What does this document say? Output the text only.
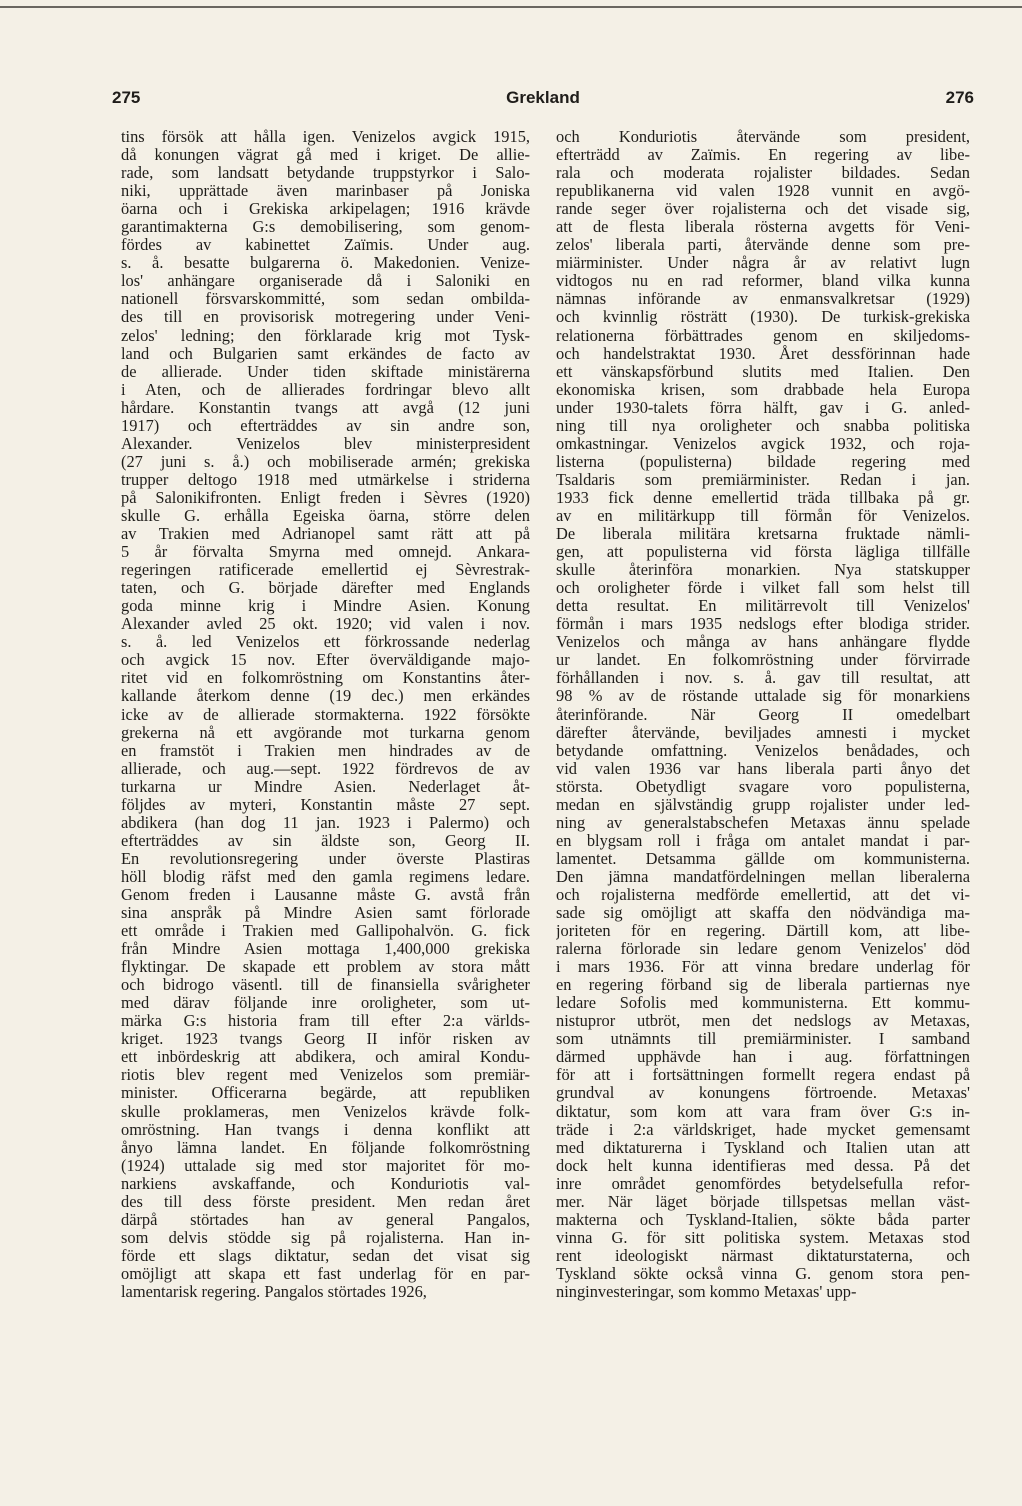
275	Grekland	276
tins försök att hålla igen. Venizelos avgick 1915,
då konungen vägrat gå med i kriget. De allie-
rade, som landsatt betydande truppstyrkor i Salo-
niki, upprättade även marinbaser på Joniska
öarna och i Grekiska arkipelagen; 1916 krävde
garantimakterna G:s demobilisering, som genom-
fördes av kabinettet Zaïmis. Under aug.
s. å. besatte bulgarerna ö. Makedonien. Venize-
los' anhängare organiserade då i Saloniki en
nationell försvarskommitté, som sedan ombilda-
des till en provisorisk motregering under Veni-
zelos' ledning; den förklarade krig mot Tysk-
land och Bulgarien samt erkändes de facto av
de allierade. Under tiden skiftade ministärerna
i Aten, och de allierades fordringar blevo allt
hårdare. Konstantin tvangs att avgå (12 juni
1917) och efterträddes av sin andre son,
Alexander. Venizelos blev ministerpresident
(27 juni s. å.) och mobiliserade armén; grekiska
trupper deltogo 1918 med utmärkelse i striderna
på Salonikifronten. Enligt freden i Sèvres (1920)
skulle G. erhålla Egeiska öarna, större delen
av Trakien med Adrianopel samt rätt att på
5 år förvalta Smyrna med omnejd. Ankara-
regeringen ratificerade emellertid ej Sèvrestrak-
taten, och G. började därefter med Englands
goda minne krig i Mindre Asien. Konung
Alexander avled 25 okt. 1920; vid valen i nov.
s. å. led Venizelos ett förkrossande nederlag
och avgick 15 nov. Efter överväldigande majo-
ritet vid en folkomröstning om Konstantins åter-
kallande återkom denne (19 dec.) men erkändes
icke av de allierade stormakterna. 1922 försökte
grekerna nå ett avgörande mot turkarna genom
en framstöt i Trakien men hindrades av de
allierade, och aug.—sept. 1922 fördrevos de av
turkarna ur Mindre Asien. Nederlaget åt-
följdes av myteri, Konstantin måste 27 sept.
abdikera (han dog 11 jan. 1923 i Palermo) och
efterträddes av sin äldste son, Georg II.
En revolutionsregering under överste Plastiras
höll blodig räfst med den gamla regimens ledare.
Genom freden i Lausanne måste G. avstå från
sina anspråk på Mindre Asien samt förlorade
ett område i Trakien med Gallipohalvön. G. fick
från Mindre Asien mottaga 1,400,000 grekiska
flyktingar. De skapade ett problem av stora mått
och bidrogo väsentl. till de finansiella svårigheter
med därav följande inre oroligheter, som ut-
märka G:s historia fram till efter 2:a världs-
kriget. 1923 tvangs Georg II inför risken av
ett inbördeskrig att abdikera, och amiral Kondu-
riotis blev regent med Venizelos som premiär-
minister. Officerarna begärde, att republiken
skulle proklameras, men Venizelos krävde folk-
omröstning. Han tvangs i denna konflikt att
ånyo lämna landet. En följande folkomröstning
(1924) uttalade sig med stor majoritet för mo-
narkiens avskaffande, och Konduriotis val-
des till dess förste president. Men redan året
därpå störtades han av general Pangalos,
som delvis stödde sig på rojalisterna. Han in-
förde ett slags diktatur, sedan det visat sig
omöjligt att skapa ett fast underlag för en par-
lamentarisk regering. Pangalos störtades 1926,
och Konduriotis återvände som president,
efterträdd av Zaïmis. En regering av libe-
rala och moderata rojalister bildades. Sedan
republikanerna vid valen 1928 vunnit en avgö-
rande seger över rojalisterna och det visade sig,
att de flesta liberala rösterna avgetts för Veni-
zelos' liberala parti, återvände denne som pre-
miärminister. Under några år av relativt lugn
vidtogos nu en rad reformer, bland vilka kunna
nämnas införande av enmansvalkretsar (1929)
och kvinnlig rösträtt (1930). De turkisk-grekiska
relationerna förbättrades genom en skiljedoms-
och handelstraktat 1930. Året dessförinnan hade
ett vänskapsförbund slutits med Italien. Den
ekonomiska krisen, som drabbade hela Europa
under 1930-talets förra hälft, gav i G. anled-
ning till nya oroligheter och snabba politiska
omkastningar. Venizelos avgick 1932, och roja-
listerna (populisterna) bildade regering med
Tsaldaris som premiärminister. Redan i jan.
1933 fick denne emellertid träda tillbaka på gr.
av en militärkupp till förmån för Venizelos.
De liberala militära kretsarna fruktade nämli-
gen, att populisterna vid första lägliga tillfälle
skulle återinföra monarkien. Nya statskupper
och oroligheter förde i vilket fall som helst till
detta resultat. En militärrevolt till Venizelos'
förmån i mars 1935 nedslogs efter blodiga strider.
Venizelos och många av hans anhängare flydde
ur landet. En folkomröstning under förvirrade
förhållanden i nov. s. å. gav till resultat, att
98 % av de röstande uttalade sig för monarkiens
återinförande. När Georg II omedelbart
därefter återvände, beviljades amnesti i mycket
betydande omfattning. Venizelos benådades, och
vid valen 1936 var hans liberala parti ånyo det
största. Obetydligt svagare voro populisterna,
medan en självständig grupp rojalister under led-
ning av generalstabschefen Metaxas ännu spelade
en blygsam roll i fråga om antalet mandat i par-
lamentet. Detsamma gällde om kommunisterna.
Den jämna mandatfördelningen mellan liberalerna
och rojalisterna medförde emellertid, att det vi-
sade sig omöjligt att skaffa den nödvändiga ma-
joriteten för en regering. Därtill kom, att libe-
ralerna förlorade sin ledare genom Venizelos' död
i mars 1936. För att vinna bredare underlag för
en regering förband sig de liberala partiernas nye
ledare Sofolis med kommunisterna. Ett kommu-
nistupror utbröt, men det nedslogs av Metaxas,
som utnämnts till premiärminister. I samband
därmed upphävde han i aug. författningen
för att i fortsättningen formellt regera endast på
grundval av konungens förtroende. Metaxas'
diktatur, som kom att vara fram över G:s in-
träde i 2:a världskriget, hade mycket gemensamt
med diktaturerna i Tyskland och Italien utan att
dock helt kunna identifieras med dessa. På det
inre området genomfördes betydelsefulla refor-
mer. När läget började tillspetsas mellan väst-
makterna och Tyskland-Italien, sökte båda parter
vinna G. för sitt politiska system. Metaxas stod
rent ideologiskt närmast diktaturstaterna, och
Tyskland sökte också vinna G. genom stora pen-
ninginvesteringar, som kommo Metaxas' upp-
